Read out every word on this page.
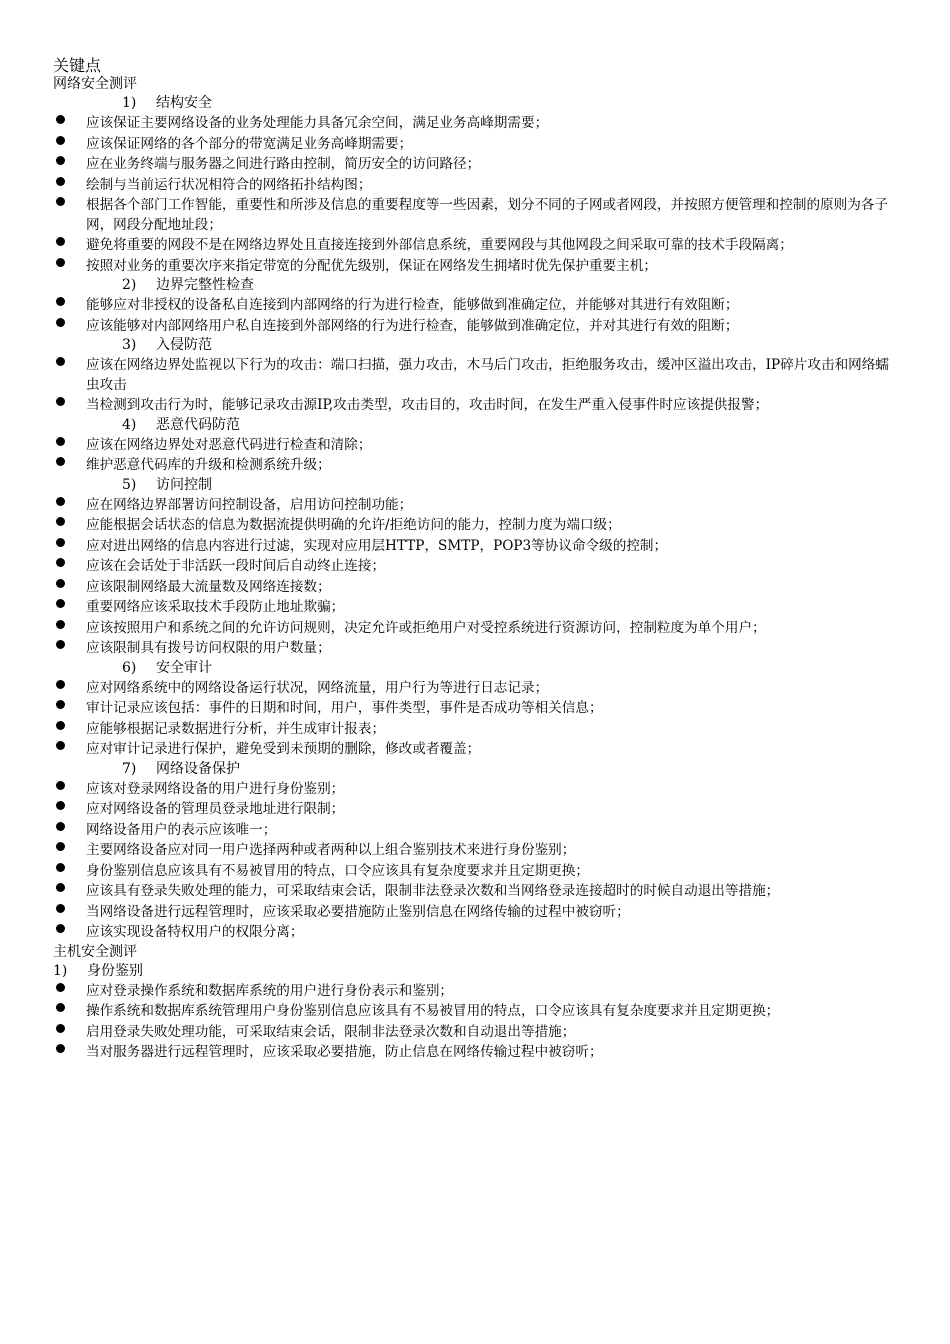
关键点
网络安全测评
1) 结构安全
应该保证主要网络设备的业务处理能力具备冗余空间，满足业务高峰期需要；
应该保证网络的各个部分的带宽满足业务高峰期需要；
应在业务终端与服务器之间进行路由控制，简历安全的访问路径；
绘制与当前运行状况相符合的网络拓扑结构图；
根据各个部门工作智能，重要性和所涉及信息的重要程度等一些因素，划分不同的子网或者网段，并按照方便管理和控制的原则为各子网，网段分配地址段；
避免将重要的网段不是在网络边界处且直接连接到外部信息系统，重要网段与其他网段之间采取可靠的技术手段隔离；
按照对业务的重要次序来指定带宽的分配优先级别，保证在网络发生拥堵时优先保护重要主机；
2) 边界完整性检查
能够应对非授权的设备私自连接到内部网络的行为进行检查，能够做到准确定位，并能够对其进行有效阻断；
应该能够对内部网络用户私自连接到外部网络的行为进行检查，能够做到准确定位，并对其进行有效的阻断；
3) 入侵防范
应该在网络边界处监视以下行为的攻击：端口扫描，强力攻击，木马后门攻击，拒绝服务攻击，缓冲区溢出攻击，IP碎片攻击和网络蠕虫攻击
当检测到攻击行为时，能够记录攻击源IP,攻击类型，攻击目的，攻击时间，在发生严重入侵事件时应该提供报警；
4) 恶意代码防范
应该在网络边界处对恶意代码进行检查和清除；
维护恶意代码库的升级和检测系统升级；
5) 访问控制
应在网络边界部署访问控制设备，启用访问控制功能；
应能根据会话状态的信息为数据流提供明确的允许/拒绝访问的能力，控制力度为端口级；
应对进出网络的信息内容进行过滤，实现对应用层HTTP，SMTP，POP3等协议命令级的控制；
应该在会话处于非活跃一段时间后自动终止连接；
应该限制网络最大流量数及网络连接数；
重要网络应该采取技术手段防止地址欺骗；
应该按照用户和系统之间的允许访问规则，决定允许或拒绝用户对受控系统进行资源访问，控制粒度为单个用户；
应该限制具有拨号访问权限的用户数量；
6) 安全审计
应对网络系统中的网络设备运行状况，网络流量，用户行为等进行日志记录；
审计记录应该包括：事件的日期和时间，用户，事件类型，事件是否成功等相关信息；
应能够根据记录数据进行分析，并生成审计报表；
应对审计记录进行保护，避免受到未预期的删除，修改或者覆盖；
7) 网络设备保护
应该对登录网络设备的用户进行身份鉴别；
应对网络设备的管理员登录地址进行限制；
网络设备用户的表示应该唯一；
主要网络设备应对同一用户选择两种或者两种以上组合鉴别技术来进行身份鉴别；
身份鉴别信息应该具有不易被冒用的特点，口令应该具有复杂度要求并且定期更换；
应该具有登录失败处理的能力，可采取结束会话，限制非法登录次数和当网络登录连接超时的时候自动退出等措施；
当网络设备进行远程管理时，应该采取必要措施防止鉴别信息在网络传输的过程中被窃听；
应该实现设备特权用户的权限分离；
主机安全测评
1) 身份鉴别
应对登录操作系统和数据库系统的用户进行身份表示和鉴别；
操作系统和数据库系统管理用户身份鉴别信息应该具有不易被冒用的特点，口令应该具有复杂度要求并且定期更换；
启用登录失败处理功能，可采取结束会话，限制非法登录次数和自动退出等措施；
当对服务器进行远程管理时，应该采取必要措施，防止信息在网络传输过程中被窃听；
